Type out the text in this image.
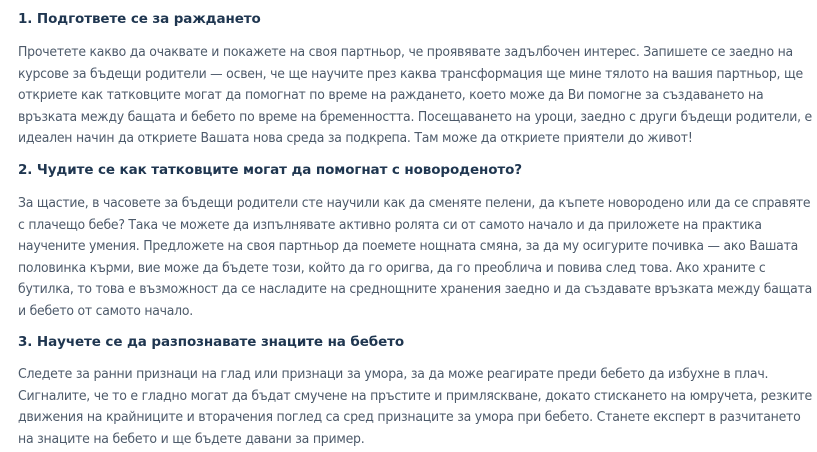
1. Подгответе се за раждането

Прочетете какво да очаквате и покажете на своя партньор, че проявявате задълбочен интерес. Запишете се заедно на
курсове за бъдещи родители — освен, че ще научите през каква трансформация ще мине тялото на вашия партньор, ще
откриете как татковците могат да помогнат по време на раждането, което може да Ви помогне за създаването на
връзката между бащата и бебето по време на бременността. Посещаването на уроци, заедно с други бъдещи родители, е
идеален начин да откриете Вашата нова среда за подкрепа. Там може да откриете приятели до живот!

2. Чудите се как татковците могат да помогнат с новороденото?

За щастие, в часовете за бъдещи родители сте научили как да сменяте пелени, да къпете новородено или да се справяте
с плачещо бебе? Така че можете да изпълнявате активно ролята си от самото начало и да приложете на практика
научените умения. Предложете на своя партньор да поемете нощната смяна, за да му осигурите почивка — ако Вашата
половинка кърми, вие може да бъдете този, който да го оригва, да го преоблича и повива след това. Ако храните с
бутилка, то това е възможност да се насладите на среднощните хранения заедно и да създавате връзката между бащата
и бебето от самото начало.

3. Научете се да разпознавате знаците на бебето

Следете за ранни признаци на глад или признаци за умора, за да може реагирате преди бебето да избухне в плач.
Сигналите, че то е гладно могат да бъдат смучене на пръстите и примляскване, докато стискането на юмручета, резките
движения на крайниците и вторачения поглед са сред признаците за умора при бебето. Станете експерт в разчитането
на знаците на бебето и ще бъдете давани за пример.
